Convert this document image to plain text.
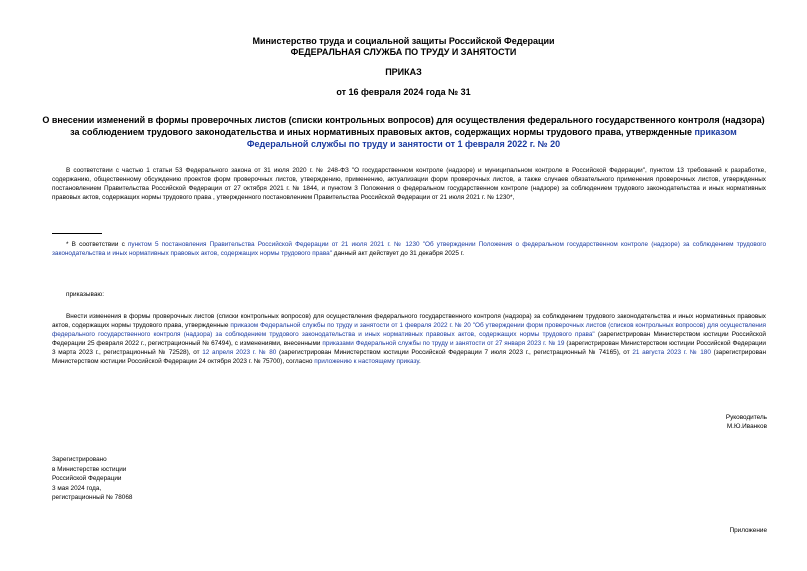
Министерство труда и социальной защиты Российской Федерации
ФЕДЕРАЛЬНАЯ СЛУЖБА ПО ТРУДУ И ЗАНЯТОСТИ
ПРИКАЗ
от 16 февраля 2024 года № 31
О внесении изменений в формы проверочных листов (списки контрольных вопросов) для осуществления федерального государственного контроля (надзора) за соблюдением трудового законодательства и иных нормативных правовых актов, содержащих нормы трудового права, утвержденные приказом Федеральной службы по труду и занятости от 1 февраля 2022 г. № 20
В соответствии с частью 1 статьи 53 Федерального закона от 31 июля 2020 г. № 248-ФЗ "О государственном контроле (надзоре) и муниципальном контроле в Российской Федерации", пунктом 13 требований к разработке, содержанию, общественному обсуждению проектов форм проверочных листов, утверждению, применению, актуализации форм проверочных листов, а также случаев обязательного применения проверочных листов, утвержденных постановлением Правительства Российской Федерации от 27 октября 2021 г. № 1844, и пунктом 3 Положения о федеральном государственном контроле (надзоре) за соблюдением трудового законодательства и иных нормативных правовых актов, содержащих нормы трудового права , утвержденного постановлением Правительства Российской Федерации от 21 июля 2021 г. № 1230*,
* В соответствии с пунктом 5 постановления Правительства Российской Федерации от 21 июля 2021 г. № 1230 "Об утверждении Положения о федеральном государственном контроле (надзоре) за соблюдением трудового законодательства и иных нормативных правовых актов, содержащих нормы трудового права" данный акт действует до 31 декабря 2025 г.
приказываю:
Внести изменения в формы проверочных листов (списки контрольных вопросов) для осуществления федерального государственного контроля (надзора) за соблюдением трудового законодательства и иных нормативных правовых актов, содержащих нормы трудового права, утвержденные приказом Федеральной службы по труду и занятости от 1 февраля 2022 г. № 20 "Об утверждении форм проверочных листов (списков контрольных вопросов) для осуществления федерального государственного контроля (надзора) за соблюдением трудового законодательства и иных нормативных правовых актов, содержащих нормы трудового права" (зарегистрирован Министерством юстиции Российской Федерации 25 февраля 2022 г., регистрационный № 67494), с изменениями, внесенными приказами Федеральной службы по труду и занятости от 27 января 2023 г. № 19 (зарегистрирован Министерством юстиции Российской Федерации 3 марта 2023 г., регистрационный № 72528), от 12 апреля 2023 г. № 80 (зарегистрирован Министерством юстиции Российской Федерации 7 июля 2023 г., регистрационный № 74165), от 21 августа 2023 г. № 180 (зарегистрирован Министерством юстиции Российской Федерации 24 октября 2023 г. № 75700), согласно приложению к настоящему приказу.
Руководитель
М.Ю.Иванков
Зарегистрировано
в Министерстве юстиции
Российской Федерации
3 мая 2024 года,
регистрационный № 78068
Приложение
